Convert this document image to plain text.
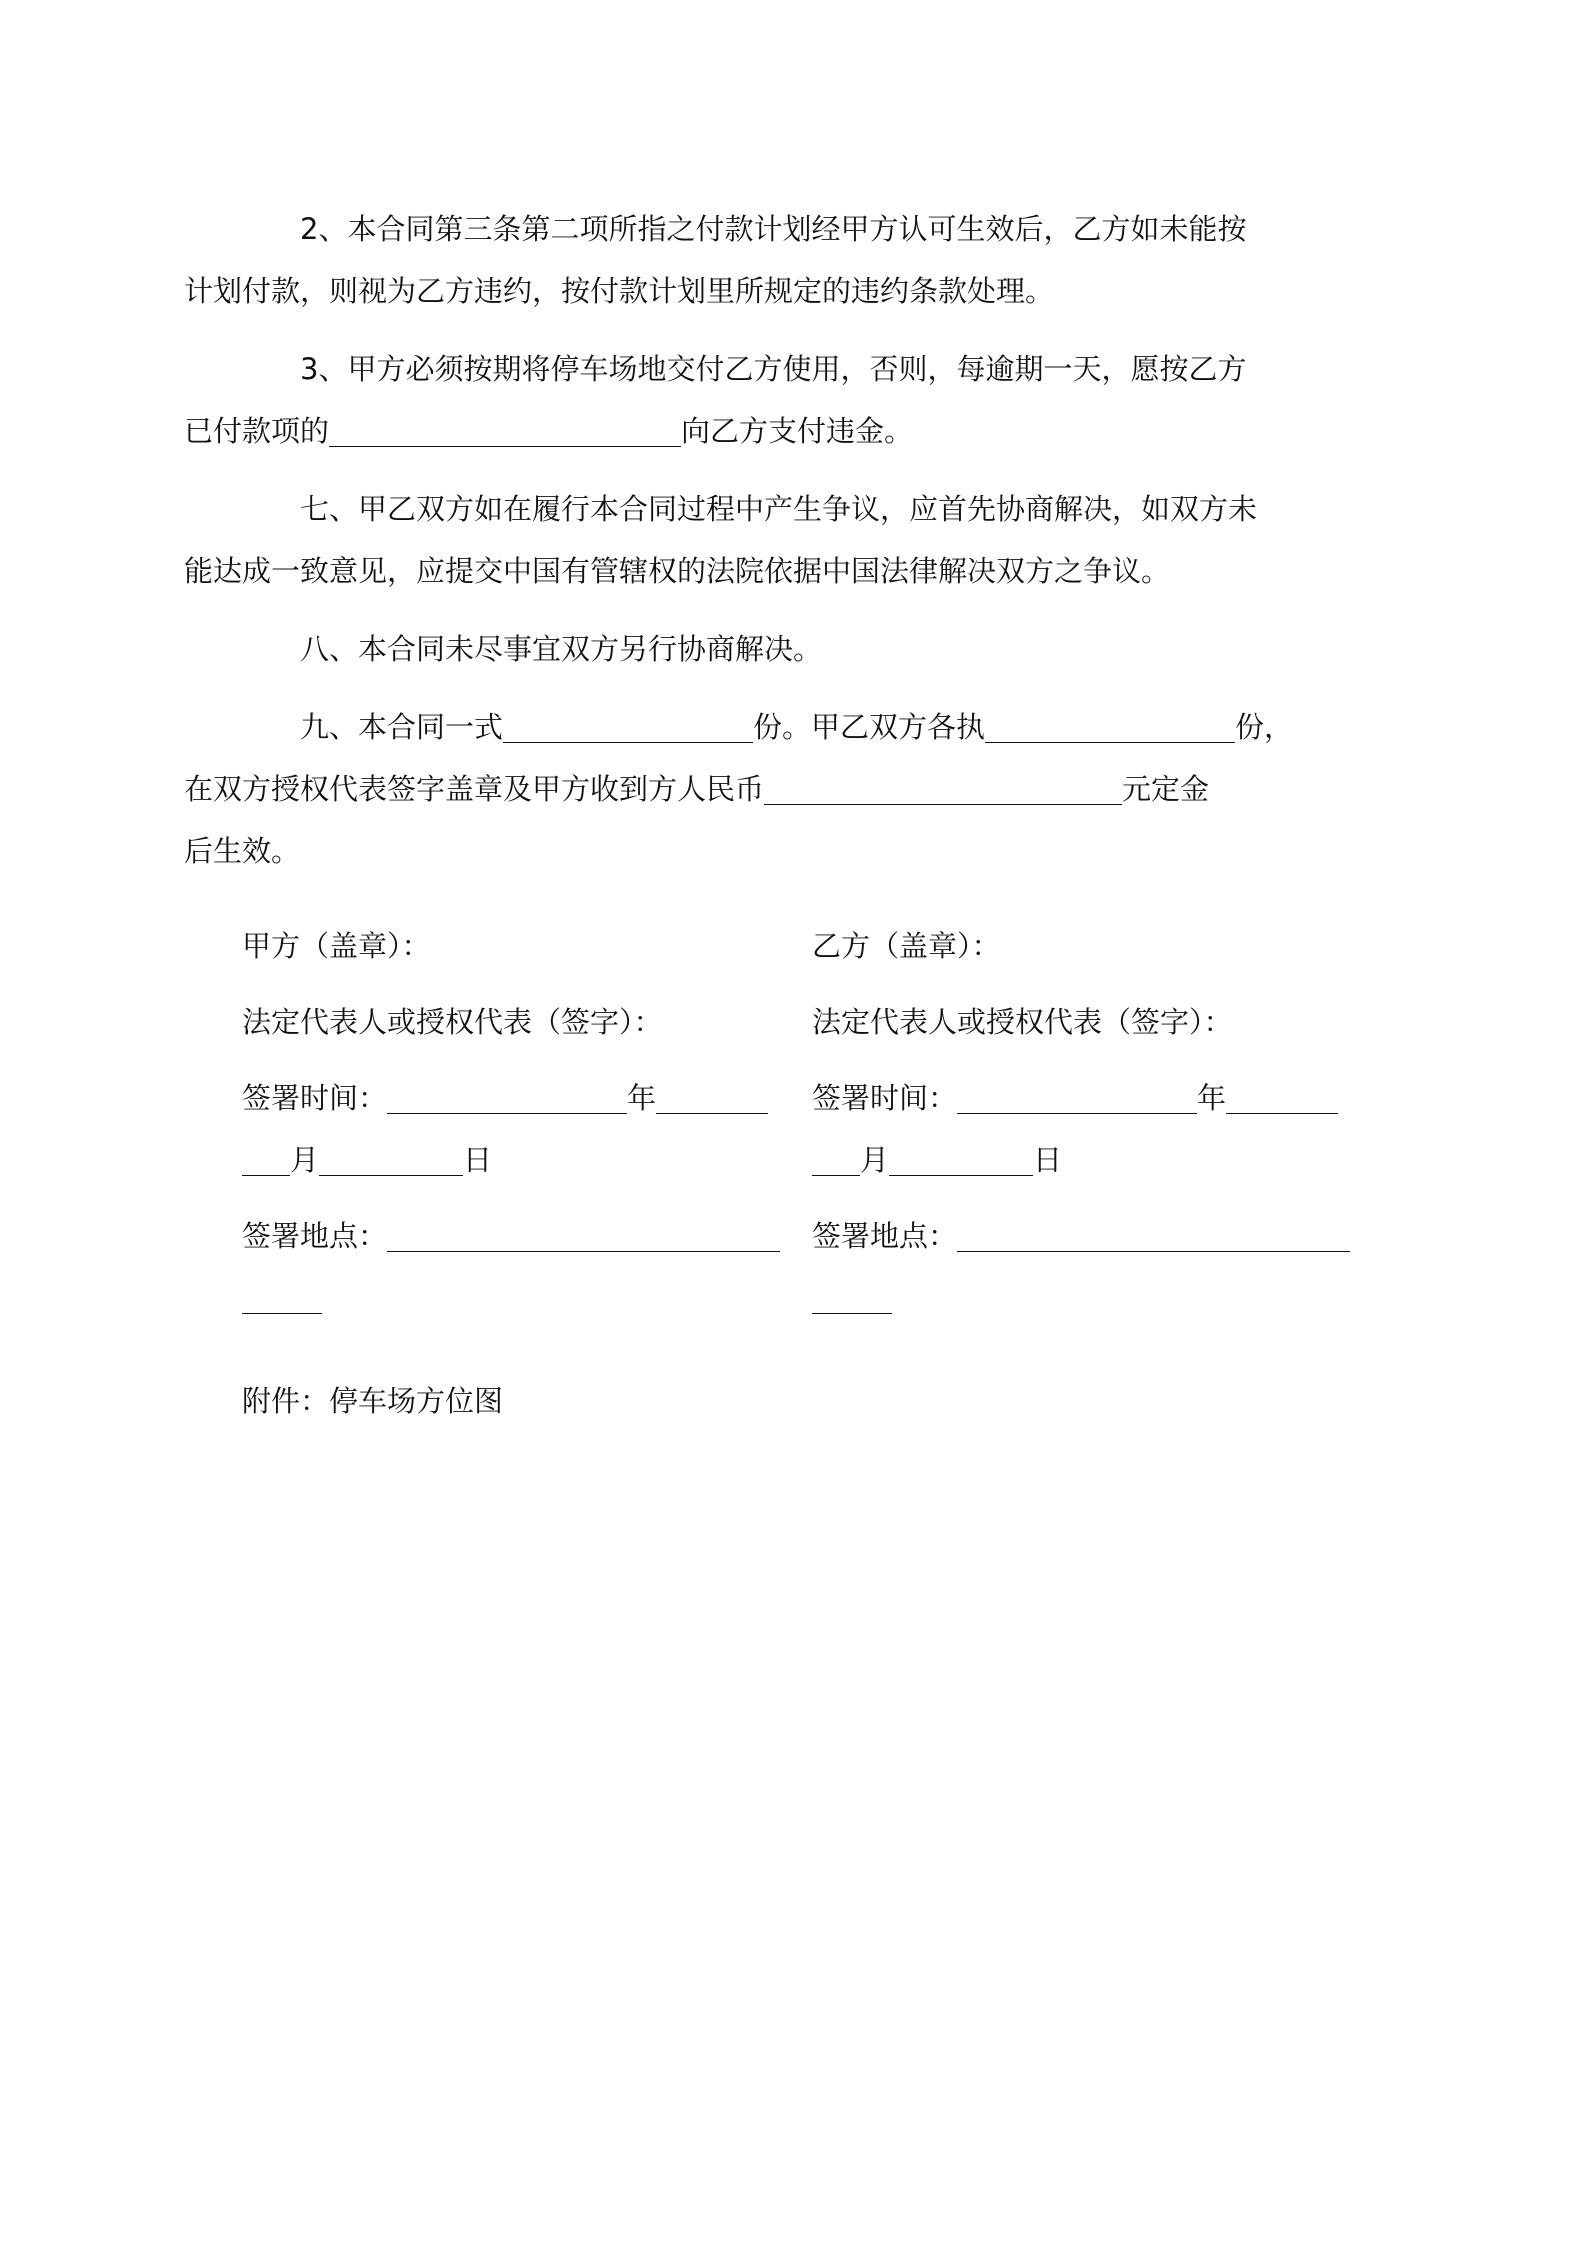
2、本合同第三条第二项所指之付款计划经甲方认可生效后，乙方如未能按
计划付款，则视为乙方违约，按付款计划里所规定的违约条款处理。

3、甲方必须按期将停车场地交付乙方使用，否则，每逾期一天，愿按乙方
已付款项的	向乙方支付违金。

七、甲乙双方如在履行本合同过程中产生争议，应首先协商解决，如双方未
能达成一致意见，应提交中国有管辖权的法院依据中国法律解决双方之争议。

八、本合同未尽事宜双方另行协商解决。

九、本合同一式	份。甲乙双方各执	份，
在双方授权代表签字盖章及甲方收到方人民币	元定金
后生效。

甲方（盖章）：
法定代表人或授权代表（签字）：
签署时间：	年
月	日
签署地点：

乙方（盖章）：
法定代表人或授权代表（签字）：
签署时间：	年
月	日
签署地点：

附件：停车场方位图
